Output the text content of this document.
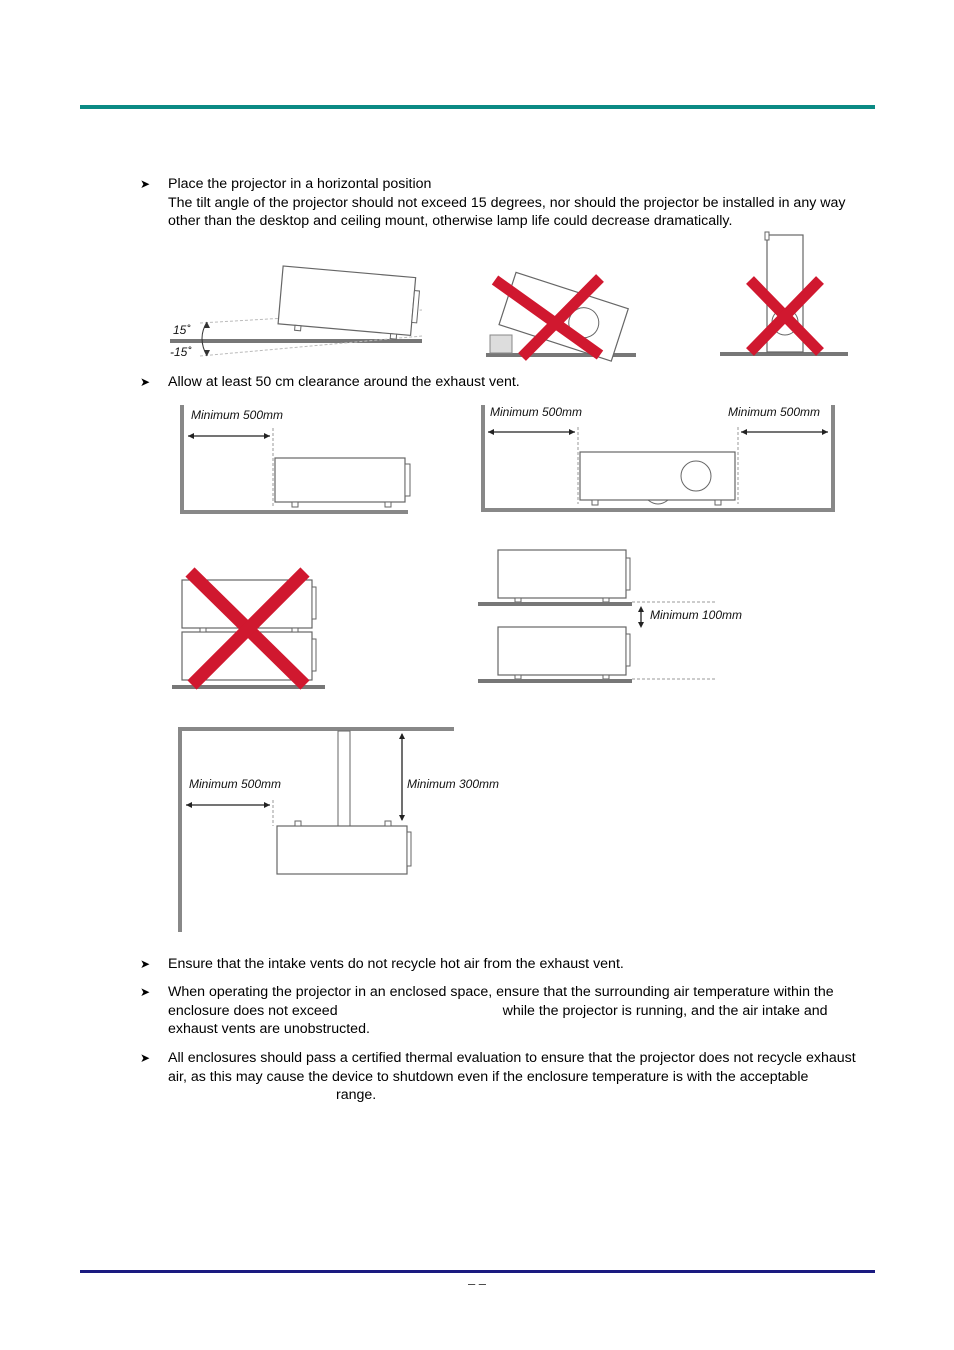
➤ Place the projector in a horizontal position

The tilt angle of the projector should not exceed 15 degrees, nor should the projector be installed in any way other than the desktop and ceiling mount, otherwise lamp life could decrease dramatically.

15˚
-15˚
➤ Allow at least 50 cm clearance around the exhaust vent.

Minimum 500mm	Minimum 500mm	Minimum 500mm
Minimum 100mm
Minimum 500mm	Minimum 300mm
➤ Ensure that the intake vents do not recycle hot air from the exhaust vent.

➤ When operating the projector in an enclosed space, ensure that the surrounding air temperature within the enclosure does not exceed	while the projector is running, and the air intake and exhaust vents are unobstructed.

➤ All enclosures should pass a certified thermal evaluation to ensure that the projector does not recycle exhaust air, as this may cause the device to shutdown even if the enclosure temperature is with the acceptablerange.

– –
